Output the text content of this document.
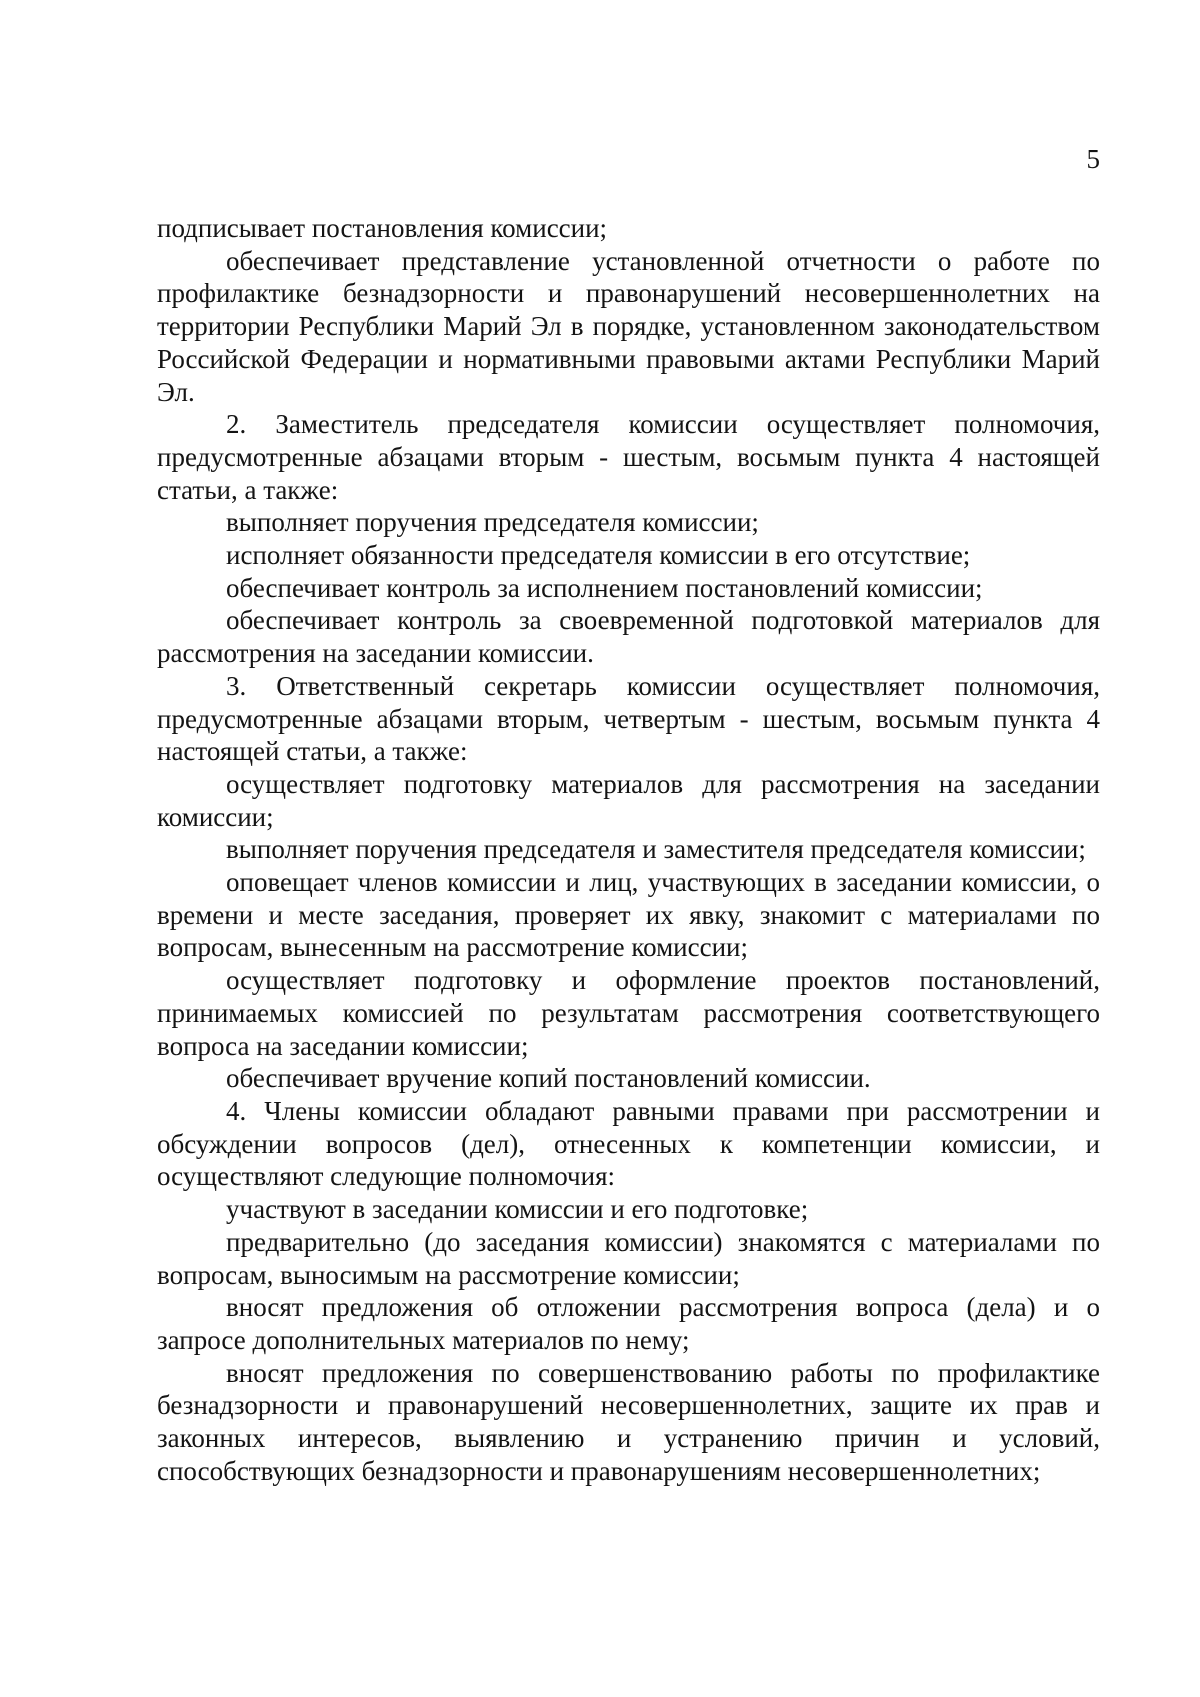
5

подписывает постановления комиссии;

обеспечивает представление установленной отчетности о работе по профилактике безнадзорности и правонарушений несовершеннолетних на территории Республики Марий Эл в порядке, установленном законодательством Российской Федерации и нормативными правовыми актами Республики Марий Эл.

2. Заместитель председателя комиссии осуществляет полномочия, предусмотренные абзацами вторым - шестым, восьмым пункта 4 настоящей статьи, а также:

выполняет поручения председателя комиссии;

исполняет обязанности председателя комиссии в его отсутствие;

обеспечивает контроль за исполнением постановлений комиссии;

обеспечивает контроль за своевременной подготовкой материалов для рассмотрения на заседании комиссии.

3. Ответственный секретарь комиссии осуществляет полномочия, предусмотренные абзацами вторым, четвертым - шестым, восьмым пункта 4 настоящей статьи, а также:

осуществляет подготовку материалов для рассмотрения на заседании комиссии;

выполняет поручения председателя и заместителя председателя комиссии;

оповещает членов комиссии и лиц, участвующих в заседании комиссии, о времени и месте заседания, проверяет их явку, знакомит с материалами по вопросам, вынесенным на рассмотрение комиссии;

осуществляет подготовку и оформление проектов постановлений, принимаемых комиссией по результатам рассмотрения соответствующего вопроса на заседании комиссии;

обеспечивает вручение копий постановлений комиссии.

4. Члены комиссии обладают равными правами при рассмотрении и обсуждении вопросов (дел), отнесенных к компетенции комиссии, и осуществляют следующие полномочия:

участвуют в заседании комиссии и его подготовке;

предварительно (до заседания комиссии) знакомятся с материалами по вопросам, выносимым на рассмотрение комиссии;

вносят предложения об отложении рассмотрения вопроса (дела) и о запросе дополнительных материалов по нему;

вносят предложения по совершенствованию работы по профилактике безнадзорности и правонарушений несовершеннолетних, защите их прав и законных интересов, выявлению и устранению причин и условий, способствующих безнадзорности и правонарушениям несовершеннолетних;
